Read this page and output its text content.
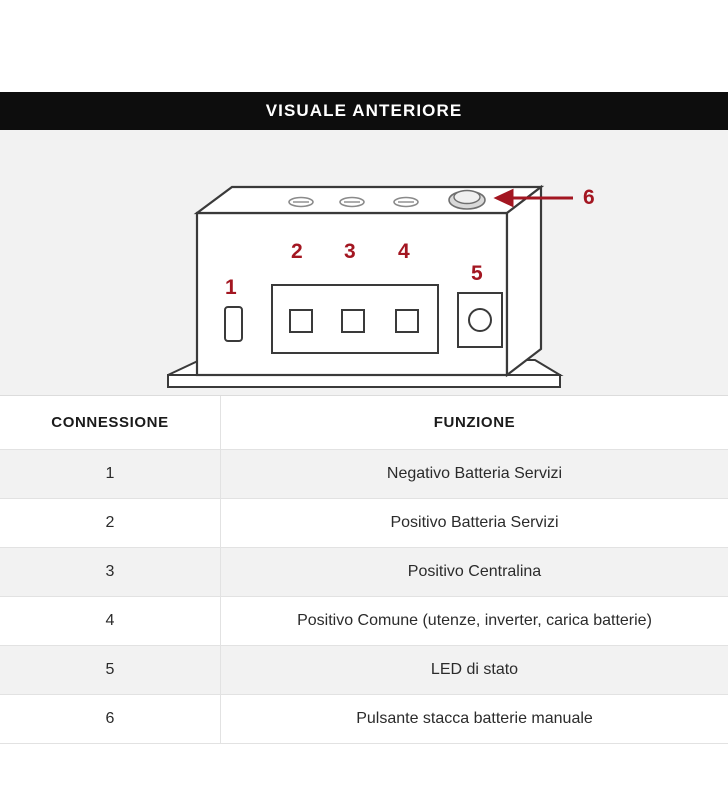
VISUALE ANTERIORE
1
2 3 4
5
6
CONNESSIONE	FUNZIONE
1	Negativo Batteria Servizi
2	Positivo Batteria Servizi
3	Positivo Centralina
4	Positivo Comune (utenze, inverter, carica batterie)
5	LED di stato
6	Pulsante stacca batterie manuale
